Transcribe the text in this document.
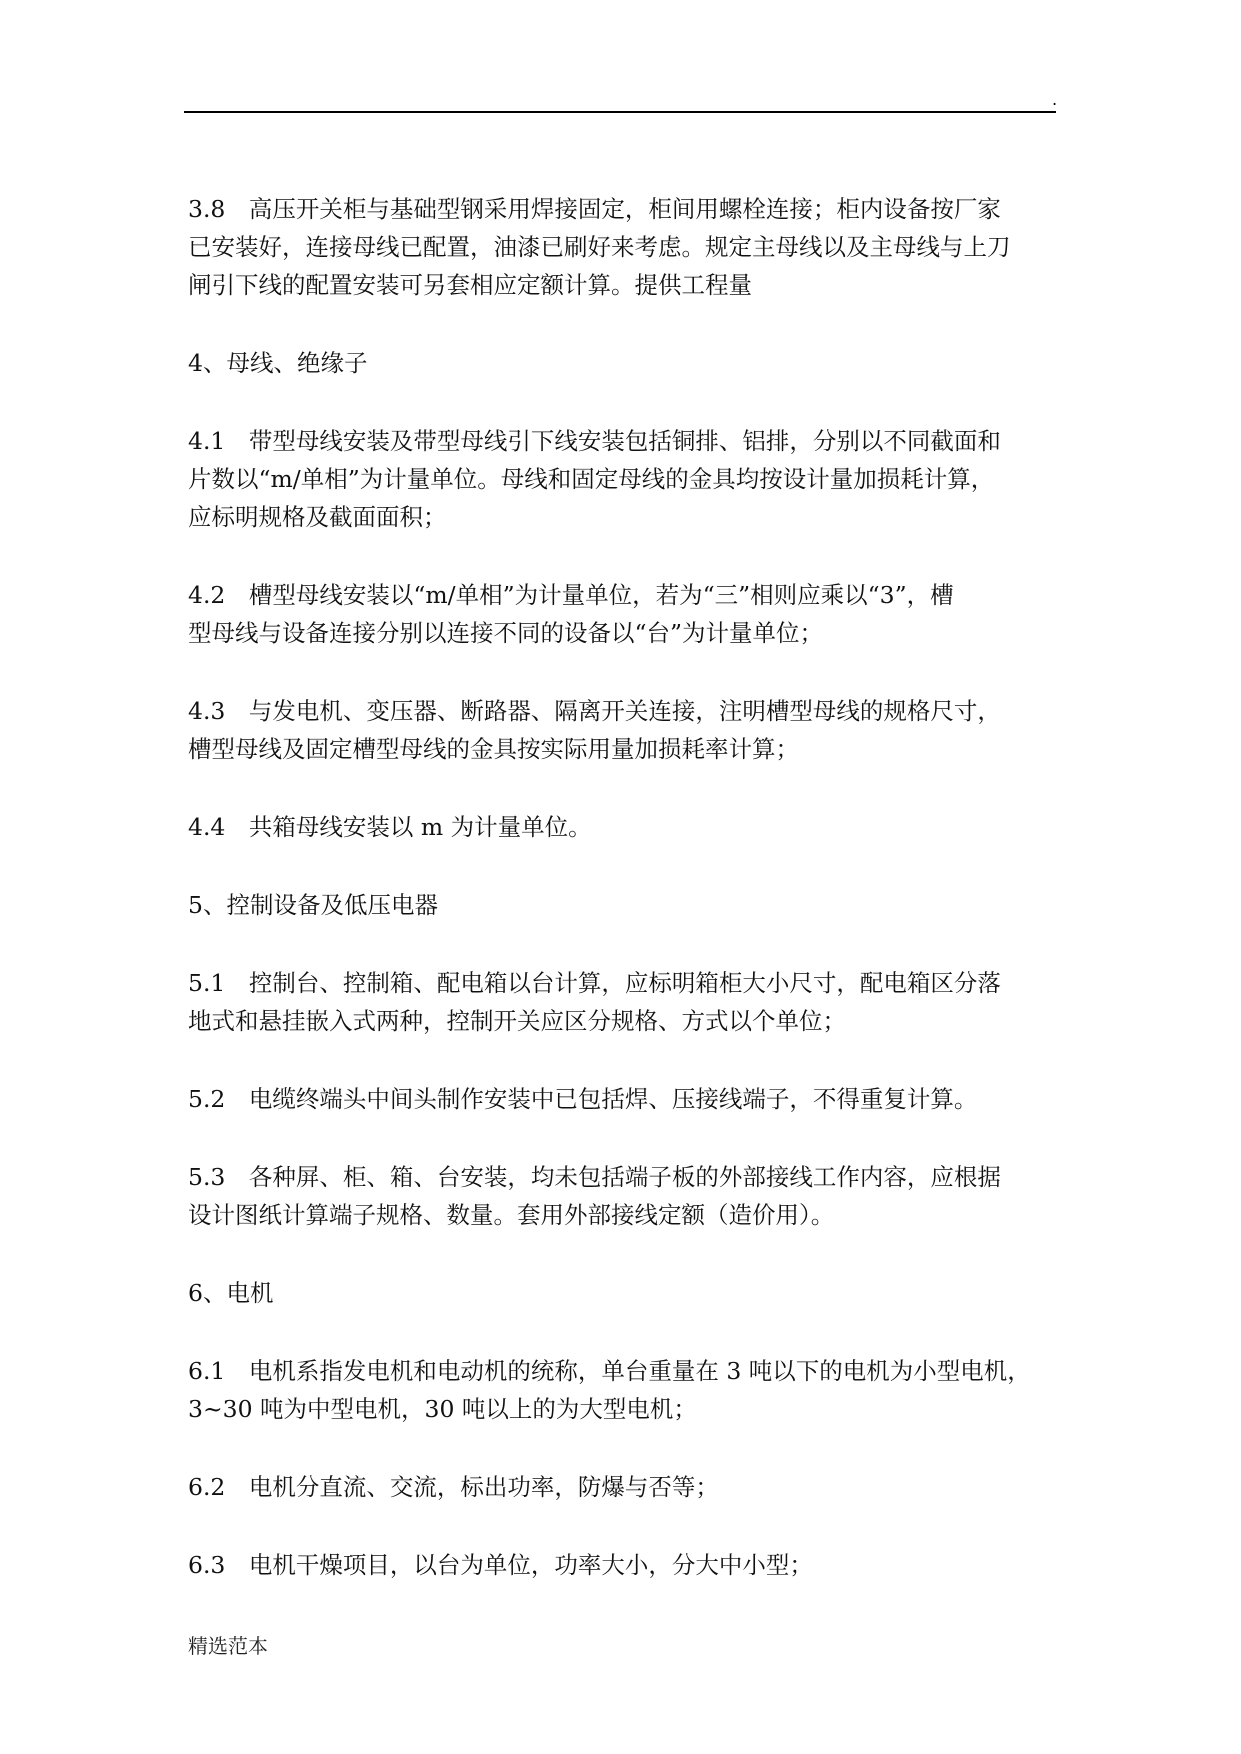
.
3.8　高压开关柜与基础型钢采用焊接固定，柜间用螺栓连接；柜内设备按厂家
已安装好，连接母线已配置，油漆已刷好来考虑。规定主母线以及主母线与上刀
闸引下线的配置安装可另套相应定额计算。提供工程量
4、母线、绝缘子
4.1　带型母线安装及带型母线引下线安装包括铜排、铝排，分别以不同截面和
片数以“m/单相”为计量单位。母线和固定母线的金具均按设计量加损耗计算，
应标明规格及截面面积；
4.2　槽型母线安装以“m/单相”为计量单位，若为“三”相则应乘以“3”，槽
型母线与设备连接分别以连接不同的设备以“台”为计量单位；
4.3　与发电机、变压器、断路器、隔离开关连接，注明槽型母线的规格尺寸，
槽型母线及固定槽型母线的金具按实际用量加损耗率计算；
4.4　共箱母线安装以 m 为计量单位。
5、控制设备及低压电器
5.1　控制台、控制箱、配电箱以台计算，应标明箱柜大小尺寸，配电箱区分落
地式和悬挂嵌入式两种，控制开关应区分规格、方式以个单位；
5.2　电缆终端头中间头制作安装中已包括焊、压接线端子，不得重复计算。
5.3　各种屏、柜、箱、台安装，均未包括端子板的外部接线工作内容，应根据
设计图纸计算端子规格、数量。套用外部接线定额（造价用）。
6、电机
6.1　电机系指发电机和电动机的统称，单台重量在 3 吨以下的电机为小型电机，
3~30 吨为中型电机，30 吨以上的为大型电机；
6.2　电机分直流、交流，标出功率，防爆与否等；
6.3　电机干燥项目，以台为单位，功率大小，分大中小型；
精选范本
